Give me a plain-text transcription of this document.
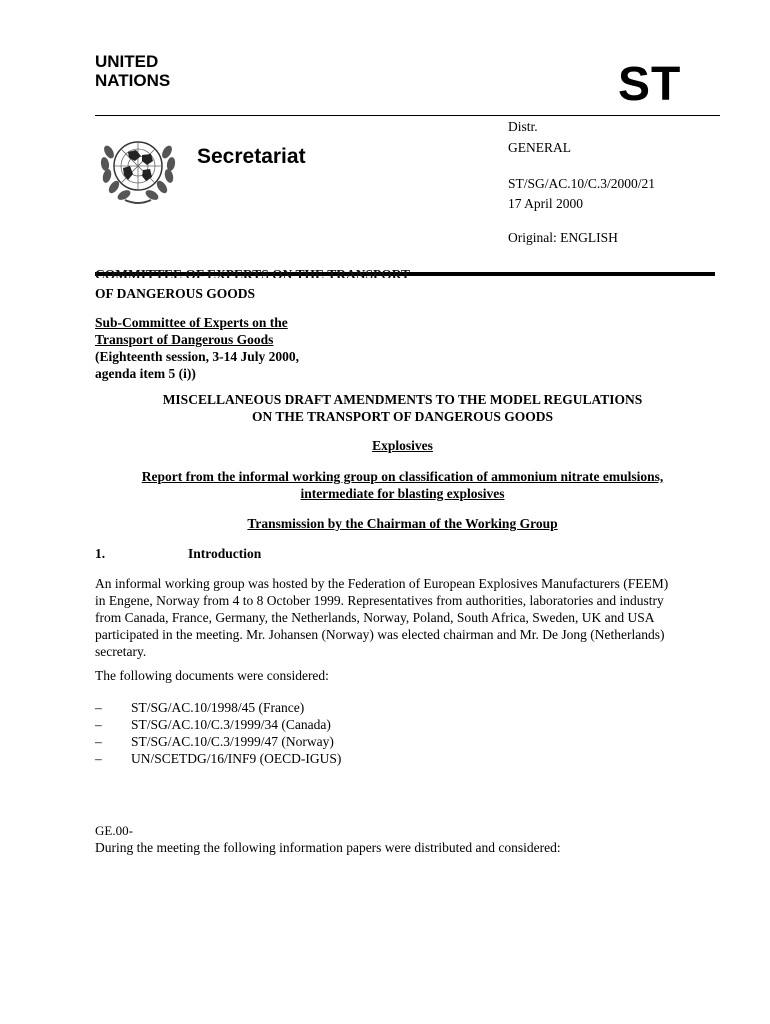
UNITED
NATIONS	ST
Secretariat
Distr.
GENERAL
ST/SG/AC.10/C.3/2000/21
17 April 2000
Original: ENGLISH
COMMITTEE OF EXPERTS ON THE TRANSPORT
OF DANGEROUS GOODS
Sub-Committee of Experts on the
Transport of Dangerous Goods
(Eighteenth session, 3-14 July 2000,
agenda item 5 (i))
MISCELLANEOUS DRAFT AMENDMENTS TO THE MODEL REGULATIONS
ON THE TRANSPORT OF DANGEROUS GOODS
Explosives
Report from the informal working group on classification of ammonium nitrate emulsions,
intermediate for blasting explosives
Transmission by the Chairman of the Working Group
1.	Introduction
An informal working group was hosted by the Federation of European Explosives Manufacturers (FEEM)
in Engene, Norway from 4 to 8 October 1999. Representatives from authorities, laboratories and industry
from Canada, France, Germany, the Netherlands, Norway, Poland, South Africa, Sweden, UK and USA
participated in the meeting. Mr. Johansen (Norway) was elected chairman and Mr. De Jong (Netherlands)
secretary.
The following documents were considered:
–	ST/SG/AC.10/1998/45 (France)
–	ST/SG/AC.10/C.3/1999/34 (Canada)
–	ST/SG/AC.10/C.3/1999/47 (Norway)
–	UN/SCETDG/16/INF9 (OECD-IGUS)
GE.00-
During the meeting the following information papers were distributed and considered:
